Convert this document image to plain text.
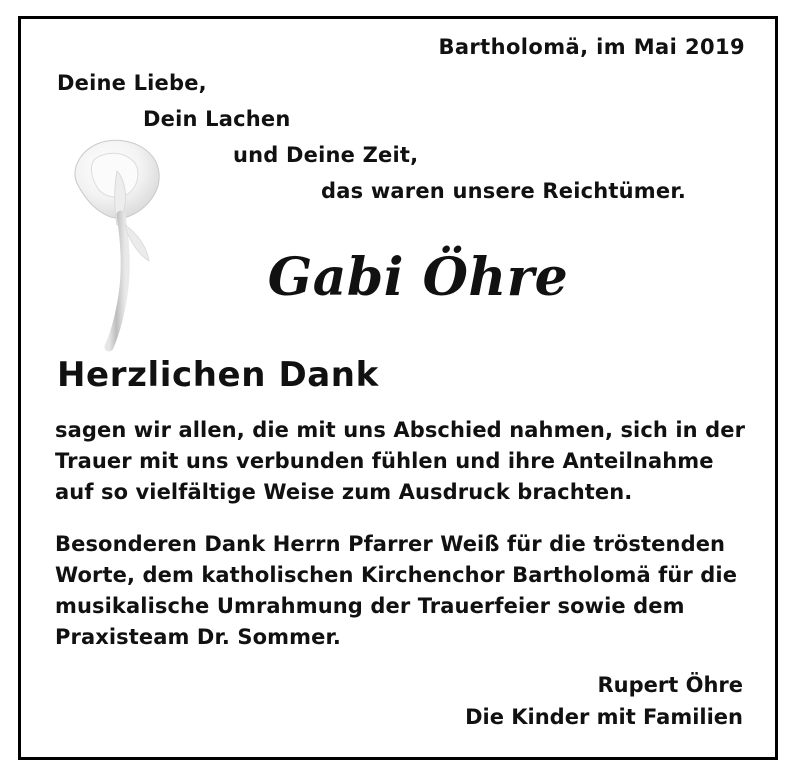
Bartholomä, im Mai 2019
Deine Liebe,
Dein Lachen
und Deine Zeit,
das waren unsere Reichtümer.
Gabi Öhre
Herzlichen Dank
sagen wir allen, die mit uns Abschied nahmen, sich in der Trauer mit uns verbunden fühlen und ihre Anteilnahme auf so vielfältige Weise zum Ausdruck brachten.
Besonderen Dank Herrn Pfarrer Weiß für die tröstenden Worte, dem katholischen Kirchenchor Bartholomä für die musikalische Umrahmung der Trauerfeier sowie dem Praxisteam Dr. Sommer.
Rupert Öhre
Die Kinder mit Familien
